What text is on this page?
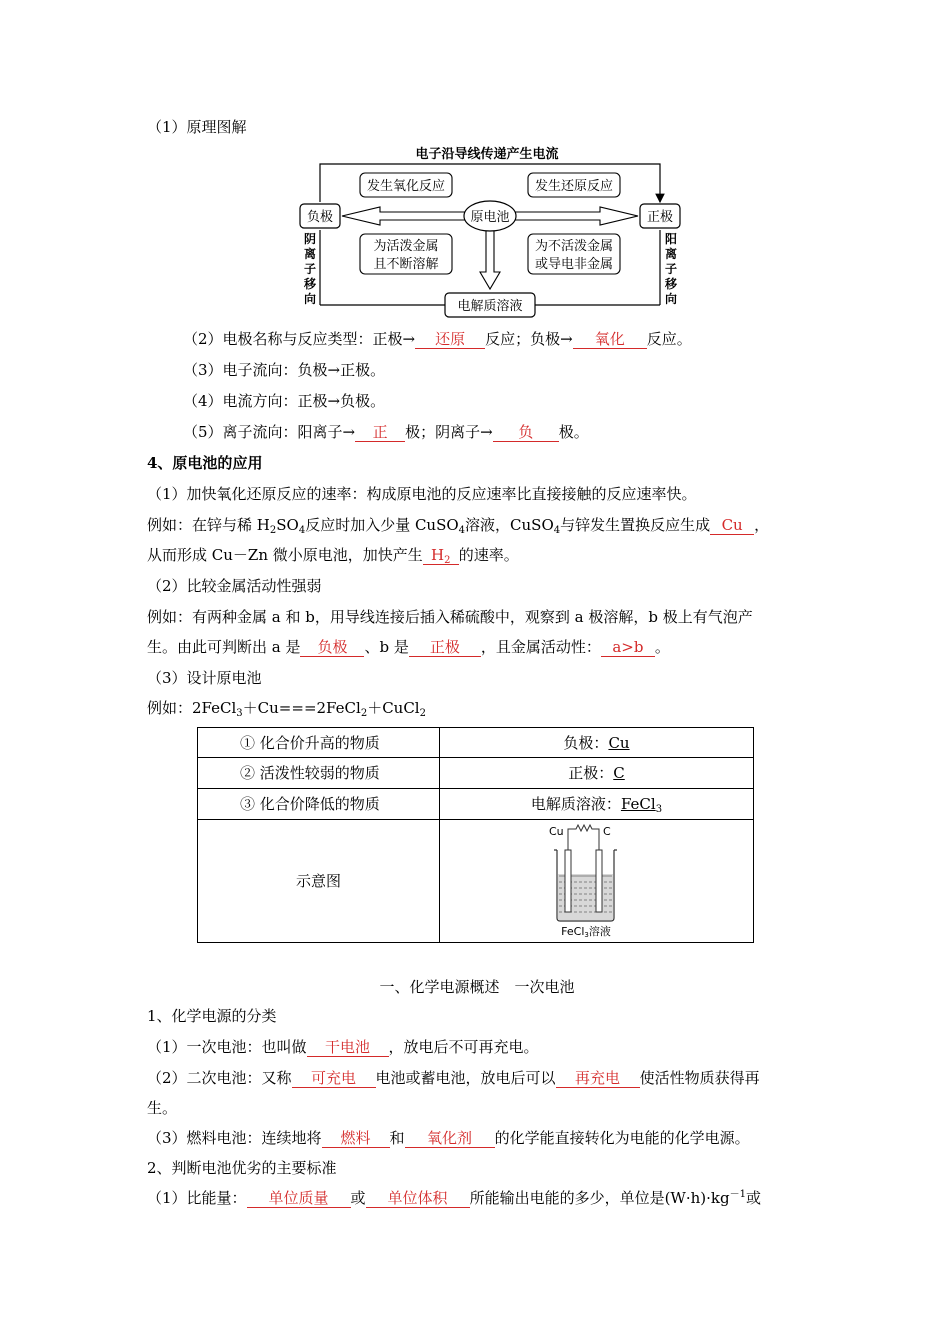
（1）原理图解
电子沿导线传递产生电流
负极	正极
原电池
发生氧化反应	发生还原反应
为活泼金属
且不断溶解
为不活泼金属
或导电非金属
电解质溶液
阴
离
子
移
向
阳
离
子
移
向
（2）电极名称与反应类型：正极→ 还原 反应；负极→ 氧化 反应。
（3）电子流向：负极→正极。
（4）电流方向：正极→负极。
（5）离子流向：阳离子→ 正 极；阴离子→ 负 极。
4、原电池的应用
（1）加快氧化还原反应的速率：构成原电池的反应速率比直接接触的反应速率快。
例如：在锌与稀 $H_2SO_4$反应时加入少量 CuSO$_4$溶液，CuSO$_4$与锌发生置换反应生成 Cu ，
从而形成 Cu－Zn 微小原电池，加快产生 $H_2$ 的速率。
（2）比较金属活动性强弱
例如：有两种金属 a 和 b，用导线连接后插入稀硫酸中，观察到 a 极溶解，b 极上有气泡产
生。由此可判断出 a 是 负极 、b 是 正极 ，且金属活动性： a>b 。
（3）设计原电池
例如：2FeCl$_3$＋Cu===2FeCl$_2$＋CuCl$_2$
① 化合价升高的物质	负极：Cu
② 活泼性较弱的物质	正极：C
③ 化合价降低的物质	电解质溶液：FeCl$_3$
示意图	Cu C
FeCl3溶液
一、化学电源概述　一次电池
1、化学电源的分类
（1）一次电池：也叫做 干电池 ，放电后不可再充电。
（2）二次电池：又称 可充电 电池或蓄电池，放电后可以 再充电 使活性物质获得再
生。
（3）燃料电池：连续地将 燃料 和 氧化剂 的化学能直接转化为电能的化学电源。
2、判断电池优劣的主要标准
（1）比能量： 单位质量 或 单位体积 所能输出电能的多少，单位是$(W\cdot h)\cdot kg^{-1}$或
